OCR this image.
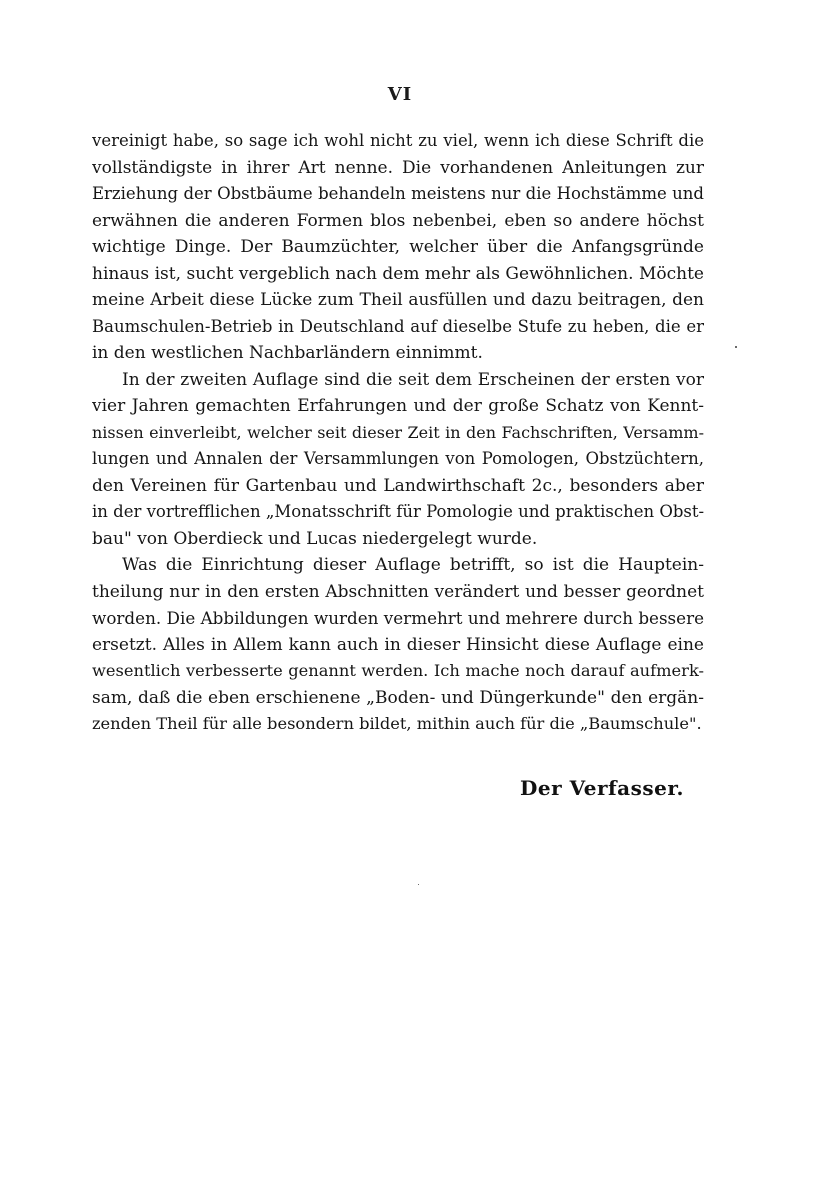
VI
vereinigt habe, so sage ich wohl nicht zu viel, wenn ich diese Schrift die
vollständigste in ihrer Art nenne. Die vorhandenen Anleitungen zur
Erziehung der Obstbäume behandeln meistens nur die Hochstämme und
erwähnen die anderen Formen blos nebenbei, eben so andere höchst
wichtige Dinge. Der Baumzüchter, welcher über die Anfangsgründe
hinaus ist, sucht vergeblich nach dem mehr als Gewöhnlichen. Möchte
meine Arbeit diese Lücke zum Theil ausfüllen und dazu beitragen, den
Baumschulen-Betrieb in Deutschland auf dieselbe Stufe zu heben, die er
in den westlichen Nachbarländern einnimmt.
In der zweiten Auflage sind die seit dem Erscheinen der ersten vor
vier Jahren gemachten Erfahrungen und der große Schatz von Kennt-
nissen einverleibt, welcher seit dieser Zeit in den Fachschriften, Versamm-
lungen und Annalen der Versammlungen von Pomologen, Obstzüchtern,
den Vereinen für Gartenbau und Landwirthschaft 2c., besonders aber
in der vortrefflichen „Monatsschrift für Pomologie und praktischen Obst-
bau" von Oberdieck und Lucas niedergelegt wurde.
Was die Einrichtung dieser Auflage betrifft, so ist die Hauptein-
theilung nur in den ersten Abschnitten verändert und besser geordnet
worden. Die Abbildungen wurden vermehrt und mehrere durch bessere
ersetzt. Alles in Allem kann auch in dieser Hinsicht diese Auflage eine
wesentlich verbesserte genannt werden. Ich mache noch darauf aufmerk-
sam, daß die eben erschienene „Boden- und Düngerkunde" den ergän-
zenden Theil für alle besondern bildet, mithin auch für die „Baumschule".
Der Verfasser.
